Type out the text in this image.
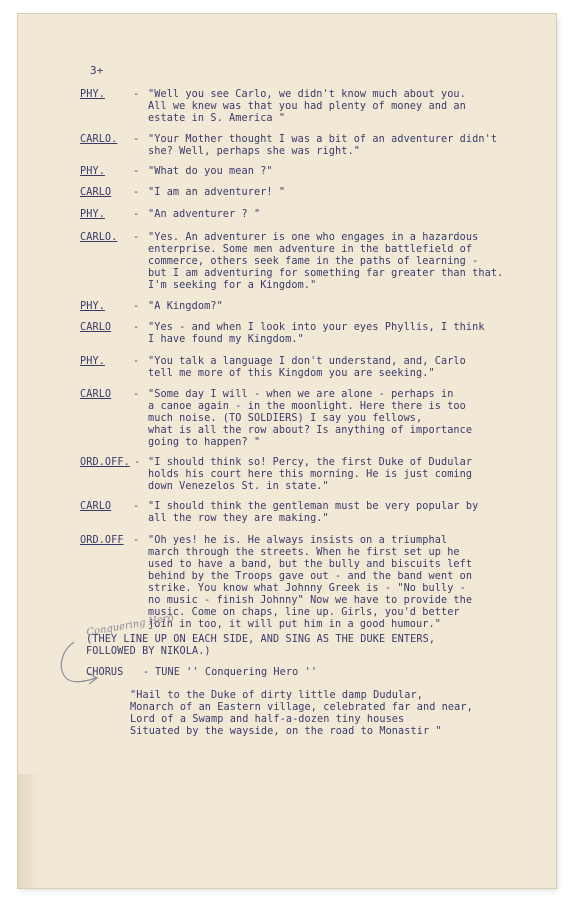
3+
PHY.	- "Well you see Carlo, we didn't know much about you.
All we knew was that you had plenty of money and an
estate in S. America "
CARLO. - "Your Mother thought I was a bit of an adventurer didn't
she? Well, perhaps she was right."
PHY.	- "What do you mean ?"
CARLO - "I am an adventurer! "
PHY.	- "An adventurer ? "
CARLO. - "Yes. An adventurer is one who engages in a hazardous
enterprise. Some men adventure in the battlefield of
commerce, others seek fame in the paths of learning -
but I am adventuring for something far greater than that.
I'm seeking for a Kingdom."
PHY.	- "A Kingdom?"
CARLO - "Yes - and when I look into your eyes Phyllis, I think
I have found my Kingdom."
PHY.	- "You talk a language I don't understand, and, Carlo
tell me more of this Kingdom you are seeking."
CARLO - "Some day I will - when we are alone - perhaps in
a canoe again - in the moonlight. Here there is too
much noise. (TO SOLDIERS) I say you fellows,
what is all the row about? Is anything of importance
going to happen? "
ORD.OFF. - "I should think so! Percy, the first Duke of Dudular
holds his court here this morning. He is just coming
down Venezelos St. in state."
CARLO - "I should think the gentleman must be very popular by
all the row they are making."
ORD.OFF - "Oh yes! he is. He always insists on a triumphal
march through the streets. When he first set up he
used to have a band, but the bully and biscuits left
behind by the Troops gave out - and the band went on
strike. You know what Johnny Greek is - "No bully -
no music - finish Johnny" Now we have to provide the
music. Come on chaps, line up. Girls, you'd better
join in too, it will put him in a good humour."
Conquering Hero
(THEY LINE UP ON EACH SIDE, AND SING AS THE DUKE ENTERS,
FOLLOWED BY NIKOLA.)
CHORUS - TUNE '' Conquering Hero ''
"Hail to the Duke of dirty little damp Dudular,
Monarch of an Eastern village, celebrated far and near,
Lord of a Swamp and half-a-dozen tiny houses
Situated by the wayside, on the road to Monastir "
